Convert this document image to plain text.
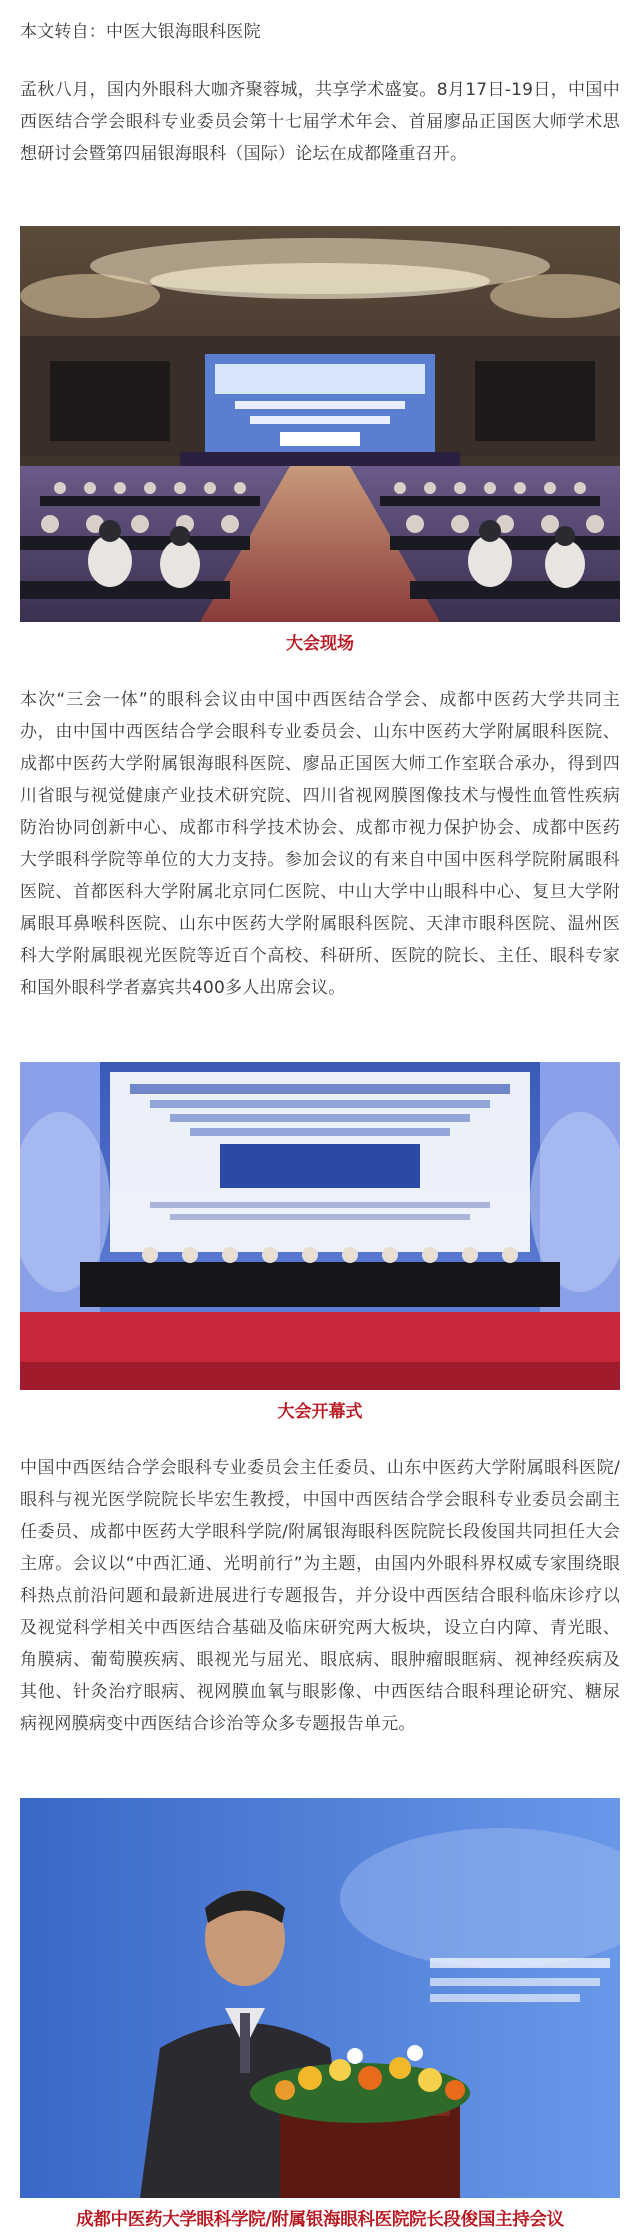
本文转自：中医大银海眼科医院

孟秋八月，国内外眼科大咖齐聚蓉城，共享学术盛宴。8月17日-19日，中国中西医结合学会眼科专业委员会第十七届学术年会、首届廖品正国医大师学术思想研讨会暨第四届银海眼科（国际）论坛在成都隆重召开。

大会现场

本次“三会一体”的眼科会议由中国中西医结合学会、成都中医药大学共同主办，由中国中西医结合学会眼科专业委员会、山东中医药大学附属眼科医院、成都中医药大学附属银海眼科医院、廖品正国医大师工作室联合承办，得到四川省眼与视觉健康产业技术研究院、四川省视网膜图像技术与慢性血管性疾病防治协同创新中心、成都市科学技术协会、成都市视力保护协会、成都中医药大学眼科学院等单位的大力支持。参加会议的有来自中国中医科学院附属眼科医院、首都医科大学附属北京同仁医院、中山大学中山眼科中心、复旦大学附属眼耳鼻喉科医院、山东中医药大学附属眼科医院、天津市眼科医院、温州医科大学附属眼视光医院等近百个高校、科研所、医院的院长、主任、眼科专家和国外眼科学者嘉宾共400多人出席会议。

大会开幕式

中国中西医结合学会眼科专业委员会主任委员、山东中医药大学附属眼科医院/眼科与视光医学院院长毕宏生教授，中国中西医结合学会眼科专业委员会副主任委员、成都中医药大学眼科学院/附属银海眼科医院院长段俊国共同担任大会主席。会议以“中西汇通、光明前行”为主题，由国内外眼科界权威专家围绕眼科热点前沿问题和最新进展进行专题报告，并分设中西医结合眼科临床诊疗以及视觉科学相关中西医结合基础及临床研究两大板块，设立白内障、青光眼、角膜病、葡萄膜疾病、眼视光与屈光、眼底病、眼肿瘤眼眶病、视神经疾病及其他、针灸治疗眼病、视网膜血氧与眼影像、中西医结合眼科理论研究、糖尿病视网膜病变中西医结合诊治等众多专题报告单元。

成都中医药大学眼科学院/附属银海眼科医院院长段俊国主持会议
